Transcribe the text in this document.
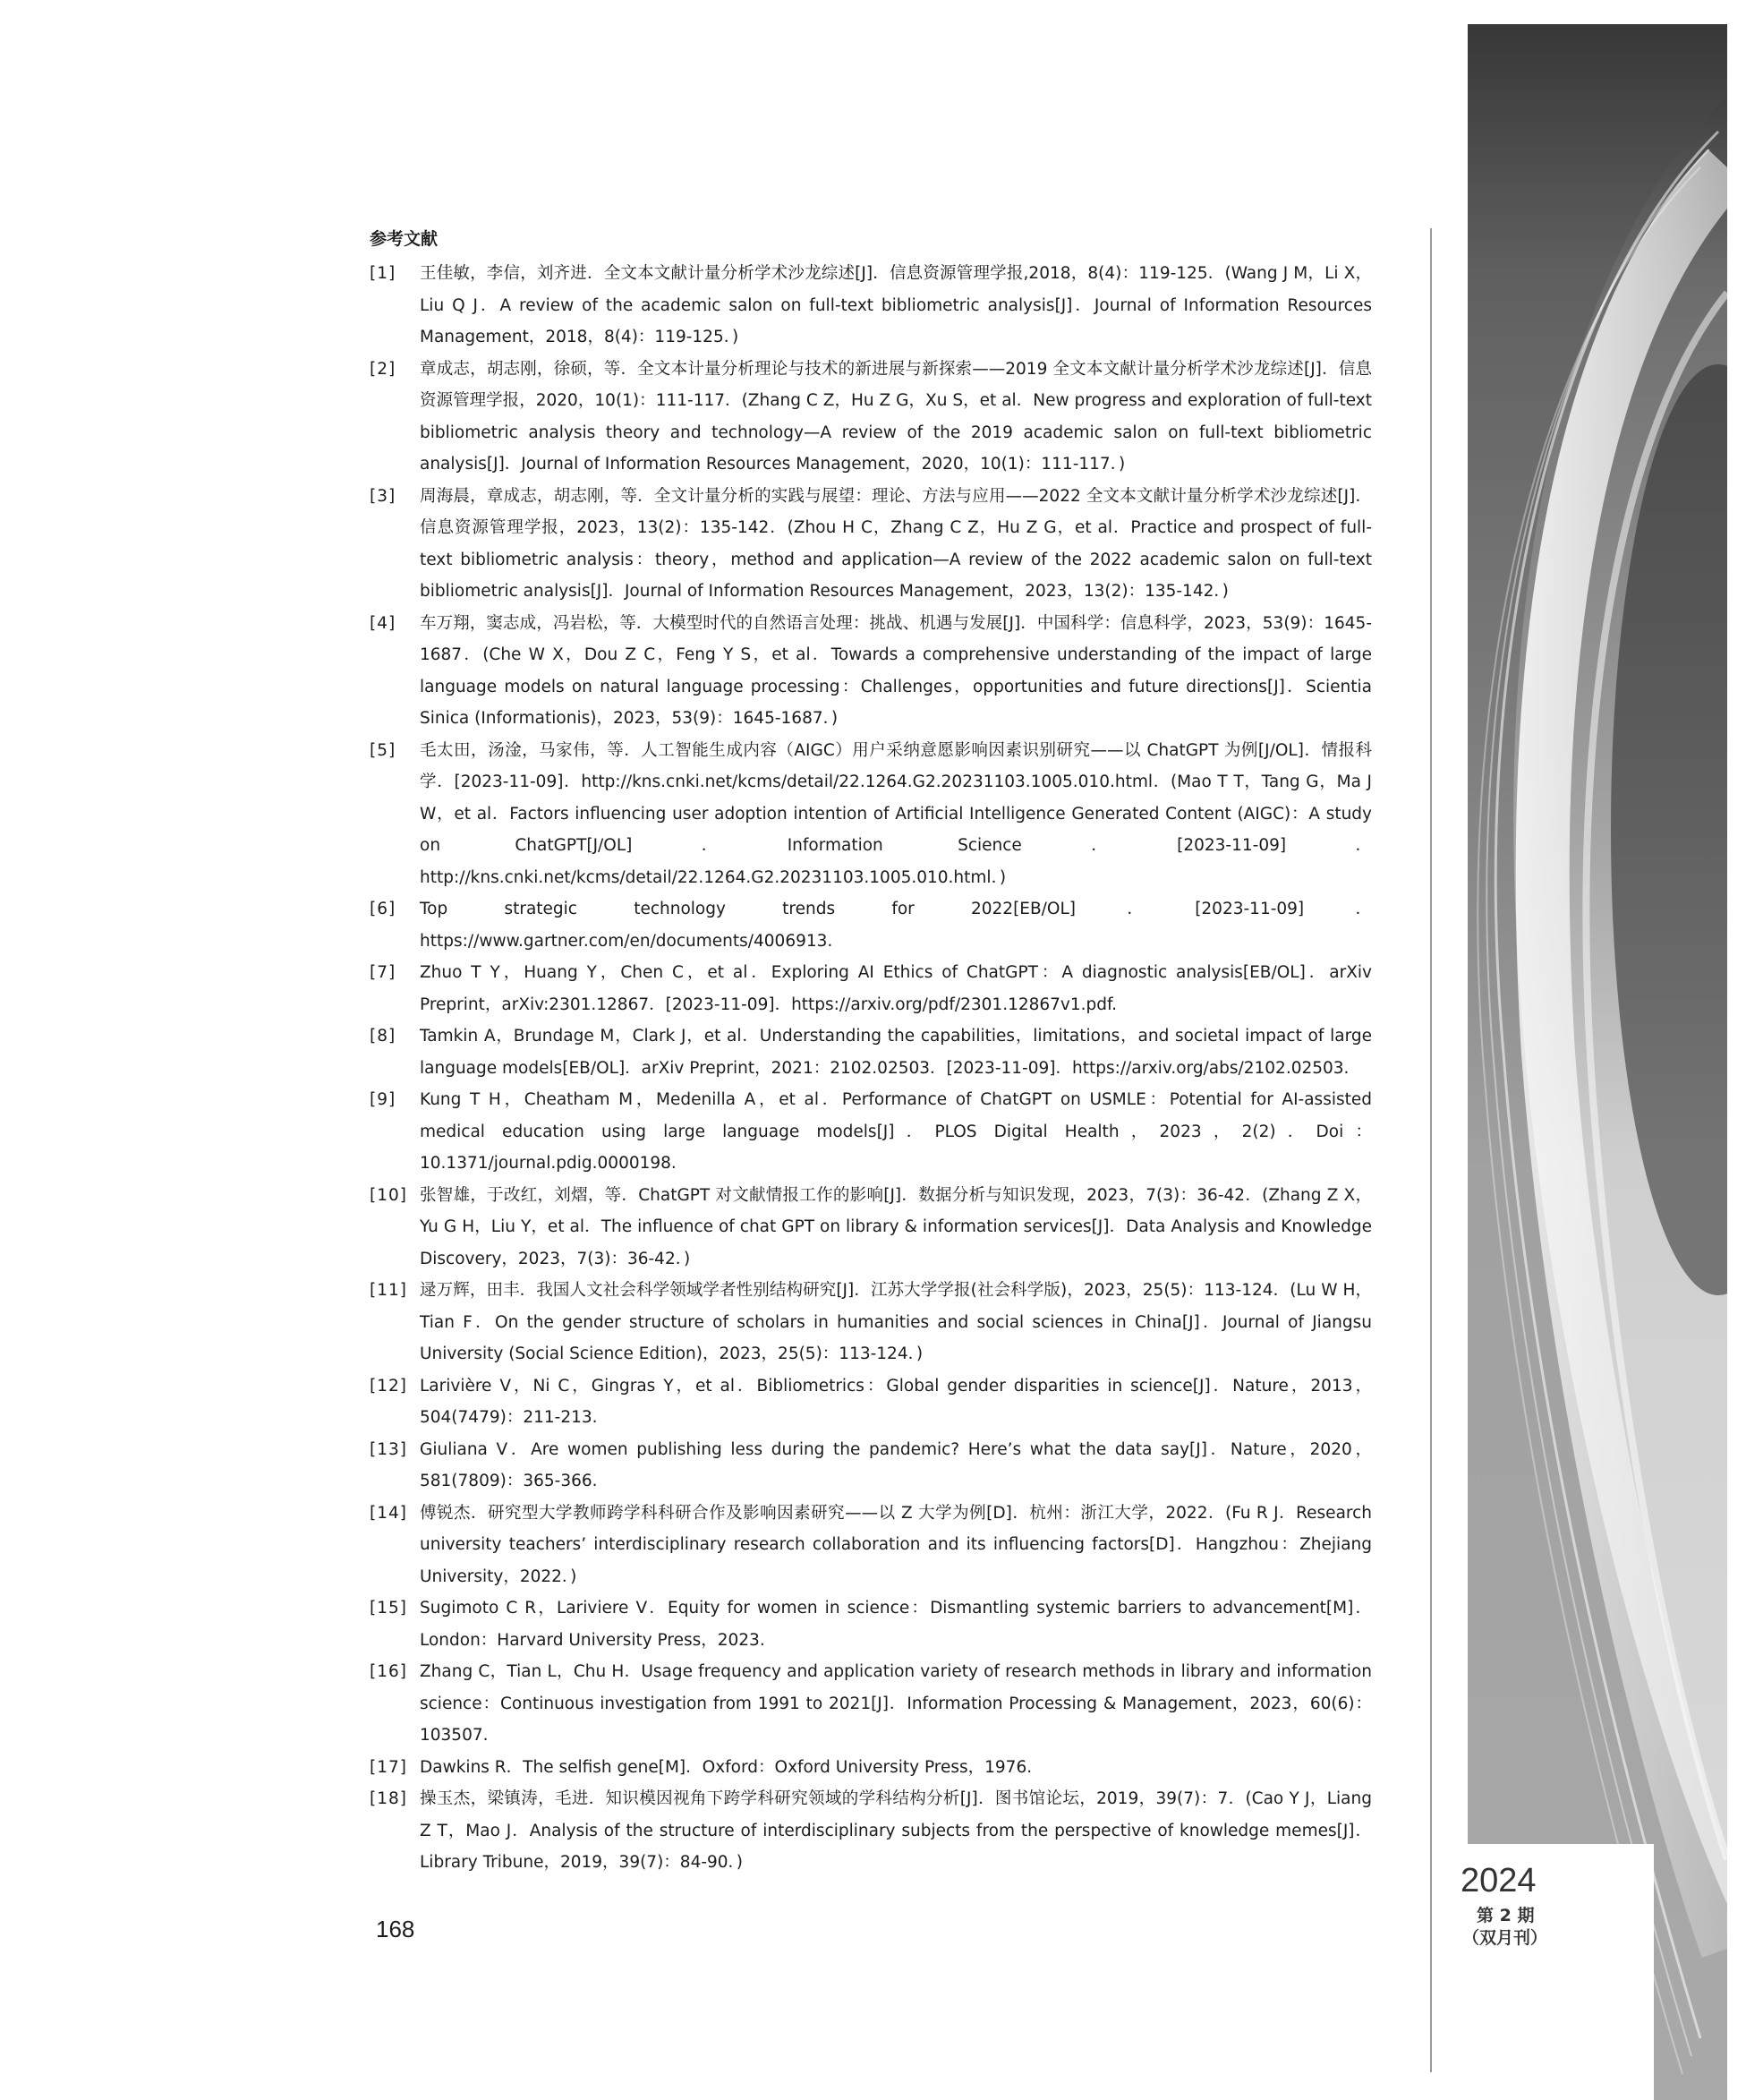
参考文献
[1]	王佳敏，李信，刘齐进．全文本文献计量分析学术沙龙综述[J]．信息资源管理学报,2018，8(4)：119-125．(Wang J M，Li X，Liu Q J．A review of the academic salon on full-text bibliometric analysis[J]．Journal of Information Resources Management，2018，8(4)：119-125．)
[2]	章成志，胡志刚，徐硕，等．全文本计量分析理论与技术的新进展与新探索——2019 全文本文献计量分析学术沙龙综述[J]．信息资源管理学报，2020，10(1)：111-117．(Zhang C Z，Hu Z G，Xu S，et al．New progress and exploration of full-text bibliometric analysis theory and technology—A review of the 2019 academic salon on full-text bibliometric analysis[J]．Journal of Information Resources Management，2020，10(1)：111-117．)
[3]	周海晨，章成志，胡志刚，等．全文计量分析的实践与展望：理论、方法与应用——2022 全文本文献计量分析学术沙龙综述[J]．信息资源管理学报，2023，13(2)：135-142．(Zhou H C，Zhang C Z，Hu Z G，et al．Practice and prospect of full-text bibliometric analysis：theory，method and application—A review of the 2022 academic salon on full-text bibliometric analysis[J]．Journal of Information Resources Management，2023，13(2)：135-142．)
[4]	车万翔，窦志成，冯岩松，等．大模型时代的自然语言处理：挑战、机遇与发展[J]．中国科学：信息科学，2023，53(9)：1645-1687．(Che W X，Dou Z C，Feng Y S，et al．Towards a comprehensive understanding of the impact of large language models on natural language processing：Challenges，opportunities and future directions[J]．Scientia Sinica (Informationis)，2023，53(9)：1645-1687．)
[5]	毛太田，汤淦，马家伟，等．人工智能生成内容（AIGC）用户采纳意愿影响因素识别研究——以 ChatGPT 为例[J/OL]．情报科学．[2023-11-09]．http://kns.cnki.net/kcms/detail/22.1264.G2.20231103.1005.010.html．(Mao T T，Tang G，Ma J W，et al．Factors influencing user adoption intention of Artificial Intelligence Generated Content (AIGC)：A study on ChatGPT[J/OL]．Information Science．[2023-11-09]．http://kns.cnki.net/kcms/detail/22.1264.G2.20231103.1005.010.html．)
[6]	Top strategic technology trends for 2022[EB/OL]．[2023-11-09]．https://www.gartner.com/en/documents/4006913.
[7]	Zhuo T Y，Huang Y，Chen C，et al．Exploring AI Ethics of ChatGPT：A diagnostic analysis[EB/OL]．arXiv Preprint，arXiv:2301.12867．[2023-11-09]．https://arxiv.org/pdf/2301.12867v1.pdf.
[8]	Tamkin A，Brundage M，Clark J，et al．Understanding the capabilities，limitations，and societal impact of large language models[EB/OL]．arXiv Preprint，2021：2102.02503．[2023-11-09]．https://arxiv.org/abs/2102.02503.
[9]	Kung T H，Cheatham M，Medenilla A，et al．Performance of ChatGPT on USMLE：Potential for AI-assisted medical education using large language models[J]．PLOS Digital Health，2023，2(2)．Doi：10.1371/journal.pdig.0000198.
[10] 张智雄，于改红，刘熠，等．ChatGPT 对文献情报工作的影响[J]．数据分析与知识发现，2023，7(3)：36-42．(Zhang Z X，Yu G H，Liu Y，et al．The influence of chat GPT on library & information services[J]．Data Analysis and Knowledge Discovery，2023，7(3)：36-42．)
[11] 逯万辉，田丰．我国人文社会科学领域学者性别结构研究[J]．江苏大学学报(社会科学版)，2023，25(5)：113-124．(Lu W H，Tian F．On the gender structure of scholars in humanities and social sciences in China[J]．Journal of Jiangsu University (Social Science Edition)，2023，25(5)：113-124．)
[12] Larivière V，Ni C，Gingras Y，et al．Bibliometrics：Global gender disparities in science[J]．Nature，2013，504(7479)：211-213.
[13] Giuliana V．Are women publishing less during the pandemic? Here’s what the data say[J]．Nature，2020，581(7809)：365-366.
[14] 傅锐杰．研究型大学教师跨学科科研合作及影响因素研究——以 Z 大学为例[D]．杭州：浙江大学，2022．(Fu R J．Research university teachers’ interdisciplinary research collaboration and its influencing factors[D]．Hangzhou：Zhejiang University，2022．)
[15] Sugimoto C R，Lariviere V．Equity for women in science：Dismantling systemic barriers to advancement[M]．London：Harvard University Press，2023.
[16] Zhang C，Tian L，Chu H．Usage frequency and application variety of research methods in library and information science：Continuous investigation from 1991 to 2021[J]．Information Processing & Management，2023，60(6)：103507.
[17] Dawkins R．The selfish gene[M]．Oxford：Oxford University Press，1976.
[18] 操玉杰，梁镇涛，毛进．知识模因视角下跨学科研究领域的学科结构分析[J]．图书馆论坛，2019，39(7)：7．(Cao Y J，Liang Z T，Mao J．Analysis of the structure of interdisciplinary subjects from the perspective of knowledge memes[J]．Library Tribune，2019，39(7)：84-90．)
168
2024
第 2 期
（双月刊）
